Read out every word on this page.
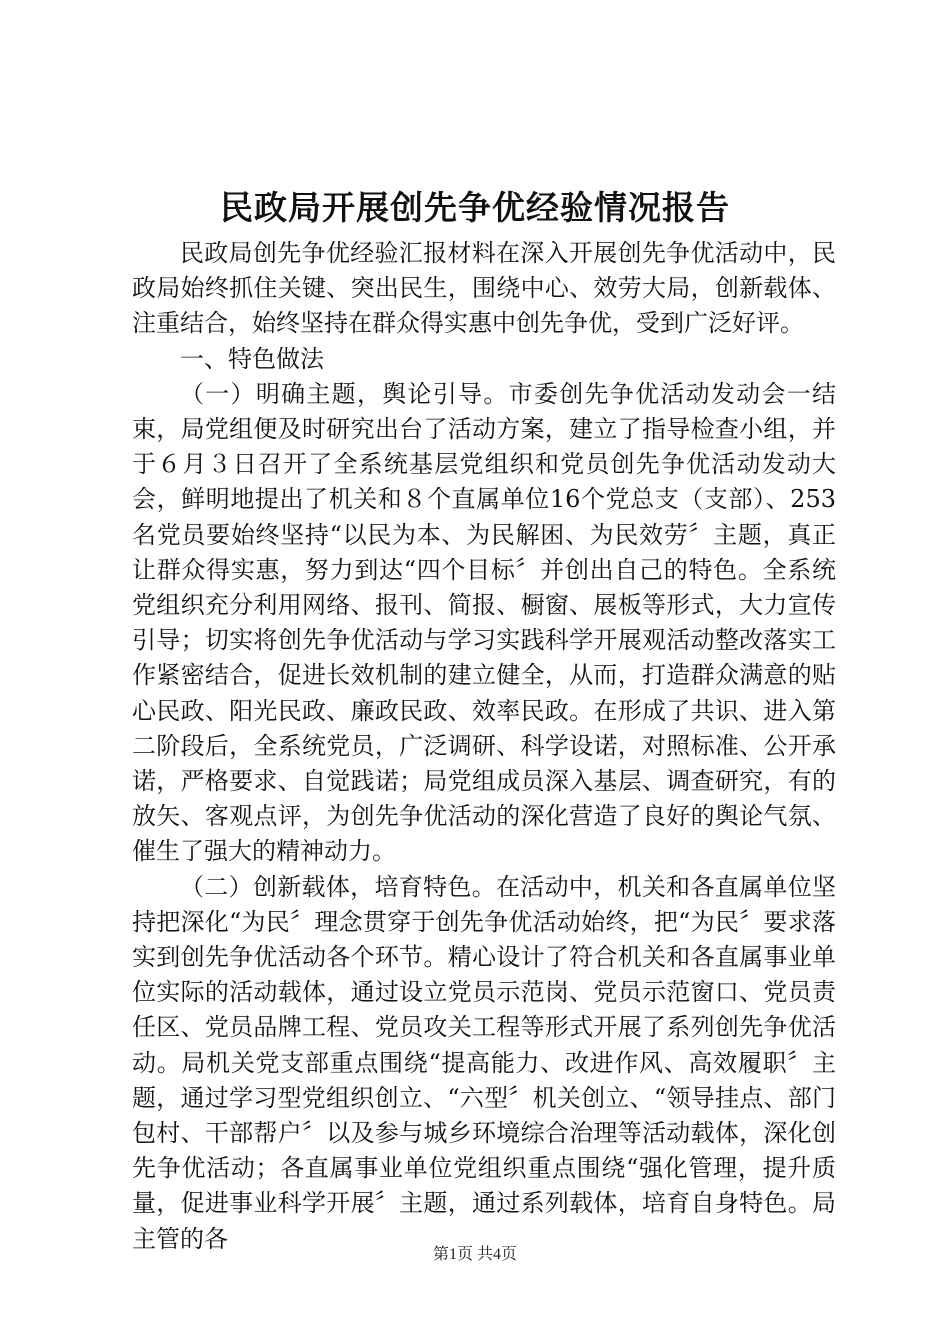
民政局开展创先争优经验情况报告

民政局创先争优经验汇报材料在深入开展创先争优活动中，民政局始终抓住关键、突出民生，围绕中心、效劳大局，创新载体、注重结合，始终坚持在群众得实惠中创先争优，受到广泛好评。

一、特色做法

（一）明确主题，舆论引导。市委创先争优活动发动会一结束，局党组便及时研究出台了活动方案，建立了指导检查小组，并于６月３日召开了全系统基层党组织和党员创先争优活动发动大会，鲜明地提出了机关和８个直属单位16个党总支（支部）、253名党员要始终坚持“以民为本、为民解困、为民效劳〞主题，真正让群众得实惠，努力到达“四个目标〞并创出自己的特色。全系统党组织充分利用网络、报刊、简报、橱窗、展板等形式，大力宣传引导；切实将创先争优活动与学习实践科学开展观活动整改落实工作紧密结合，促进长效机制的建立健全，从而，打造群众满意的贴心民政、阳光民政、廉政民政、效率民政。在形成了共识、进入第二阶段后，全系统党员，广泛调研、科学设诺，对照标准、公开承诺，严格要求、自觉践诺；局党组成员深入基层、调查研究，有的放矢、客观点评，为创先争优活动的深化营造了良好的舆论气氛、催生了强大的精神动力。

（二）创新载体，培育特色。在活动中，机关和各直属单位坚持把深化“为民〞理念贯穿于创先争优活动始终，把“为民〞要求落实到创先争优活动各个环节。精心设计了符合机关和各直属事业单位实际的活动载体，通过设立党员示范岗、党员示范窗口、党员责任区、党员品牌工程、党员攻关工程等形式开展了系列创先争优活动。局机关党支部重点围绕“提高能力、改进作风、高效履职〞主题，通过学习型党组织创立、“六型〞机关创立、“领导挂点、部门包村、干部帮户〞以及参与城乡环境综合治理等活动载体，深化创先争优活动；各直属事业单位党组织重点围绕“强化管理，提升质量，促进事业科学开展〞主题，通过系列载体，培育自身特色。局主管的各

第1页 共4页
